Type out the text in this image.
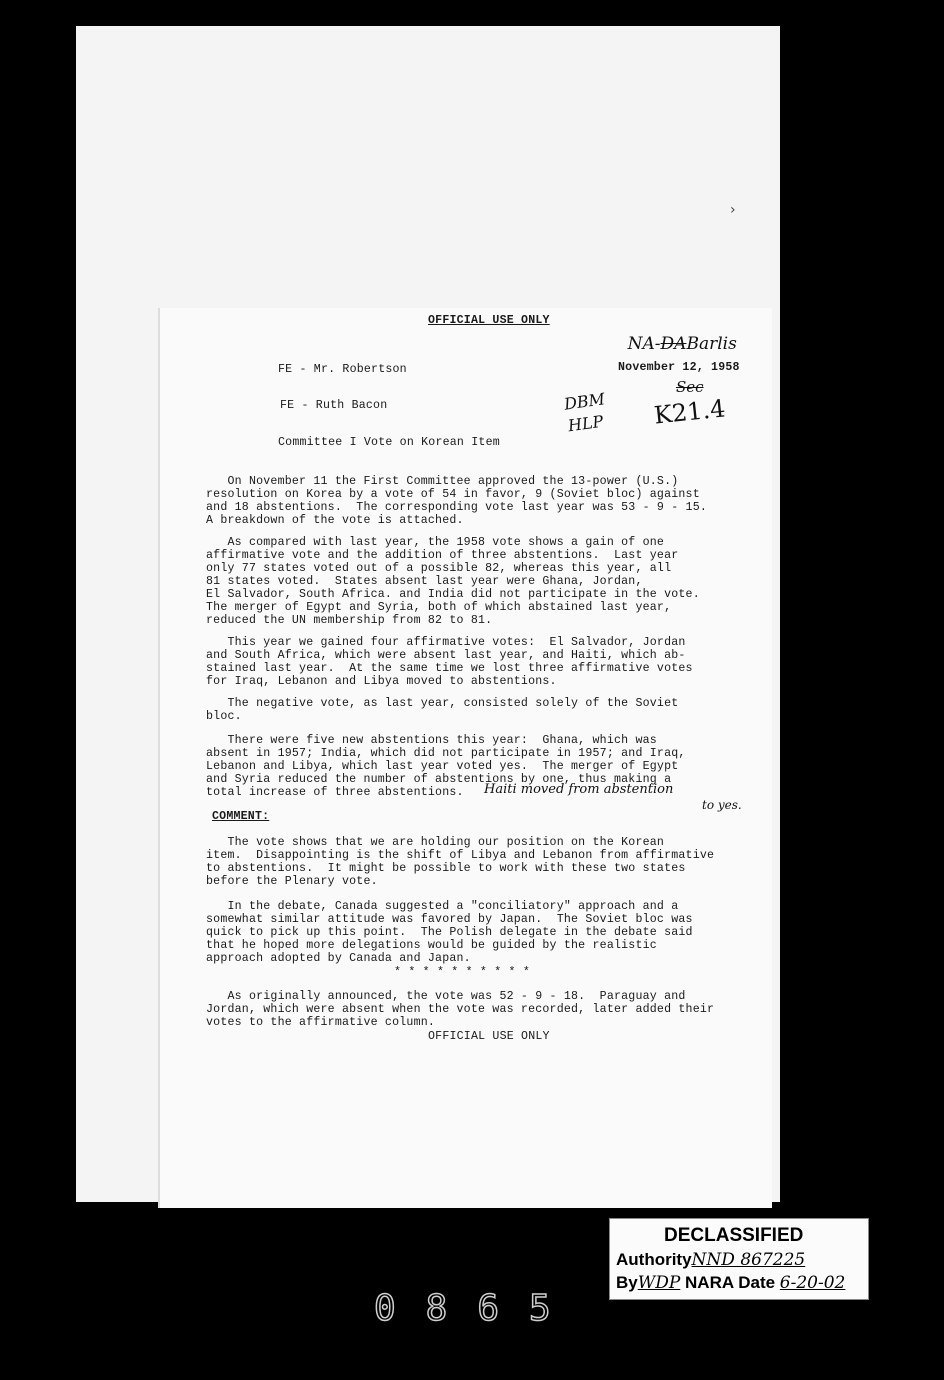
›
OFFICIAL USE ONLY

NA-DABarlis

FE - Mr. Robertson	November 12, 1958
FE - Ruth Bacon	DBM
HLP
Sec
K21.4
Committee I Vote on Korean Item
On November 11 the First Committee approved the 13-power (U.S.)
resolution on Korea by a vote of 54 in favor, 9 (Soviet bloc) against
and 18 abstentions.  The corresponding vote last year was 53 - 9 - 15.
A breakdown of the vote is attached.
As compared with last year, the 1958 vote shows a gain of one
affirmative vote and the addition of three abstentions.  Last year
only 77 states voted out of a possible 82, whereas this year, all
81 states voted.  States absent last year were Ghana, Jordan,
El Salvador, South Africa. and India did not participate in the vote.
The merger of Egypt and Syria, both of which abstained last year,
reduced the UN membership from 82 to 81.
This year we gained four affirmative votes:  El Salvador, Jordan
and South Africa, which were absent last year, and Haiti, which ab-
stained last year.  At the same time we lost three affirmative votes
for Iraq, Lebanon and Libya moved to abstentions.
The negative vote, as last year, consisted solely of the Soviet
bloc.
There were five new abstentions this year:  Ghana, which was
absent in 1957; India, which did not participate in 1957; and Iraq,
Lebanon and Libya, which last year voted yes.  The merger of Egypt
and Syria reduced the number of abstentions by one, thus making a
total increase of three abstentions. Haiti moved from abstention
to yes.
COMMENT:
The vote shows that we are holding our position on the Korean
item.  Disappointing is the shift of Libya and Lebanon from affirmative
to abstentions.  It might be possible to work with these two states
before the Plenary vote.
In the debate, Canada suggested a "conciliatory" approach and a
somewhat similar attitude was favored by Japan.  The Soviet bloc was
quick to pick up this point.  The Polish delegate in the debate said
that he hoped more delegations would be guided by the realistic
approach adopted by Canada and Japan.
* * * * * * * * * *
As originally announced, the vote was 52 - 9 - 18.  Paraguay and
Jordan, which were absent when the vote was recorded, later added their
votes to the affirmative column.
OFFICIAL USE ONLY
DECLASSIFIED
AuthorityNND 867225
ByWDP NARA Date 6-20-02
0865
